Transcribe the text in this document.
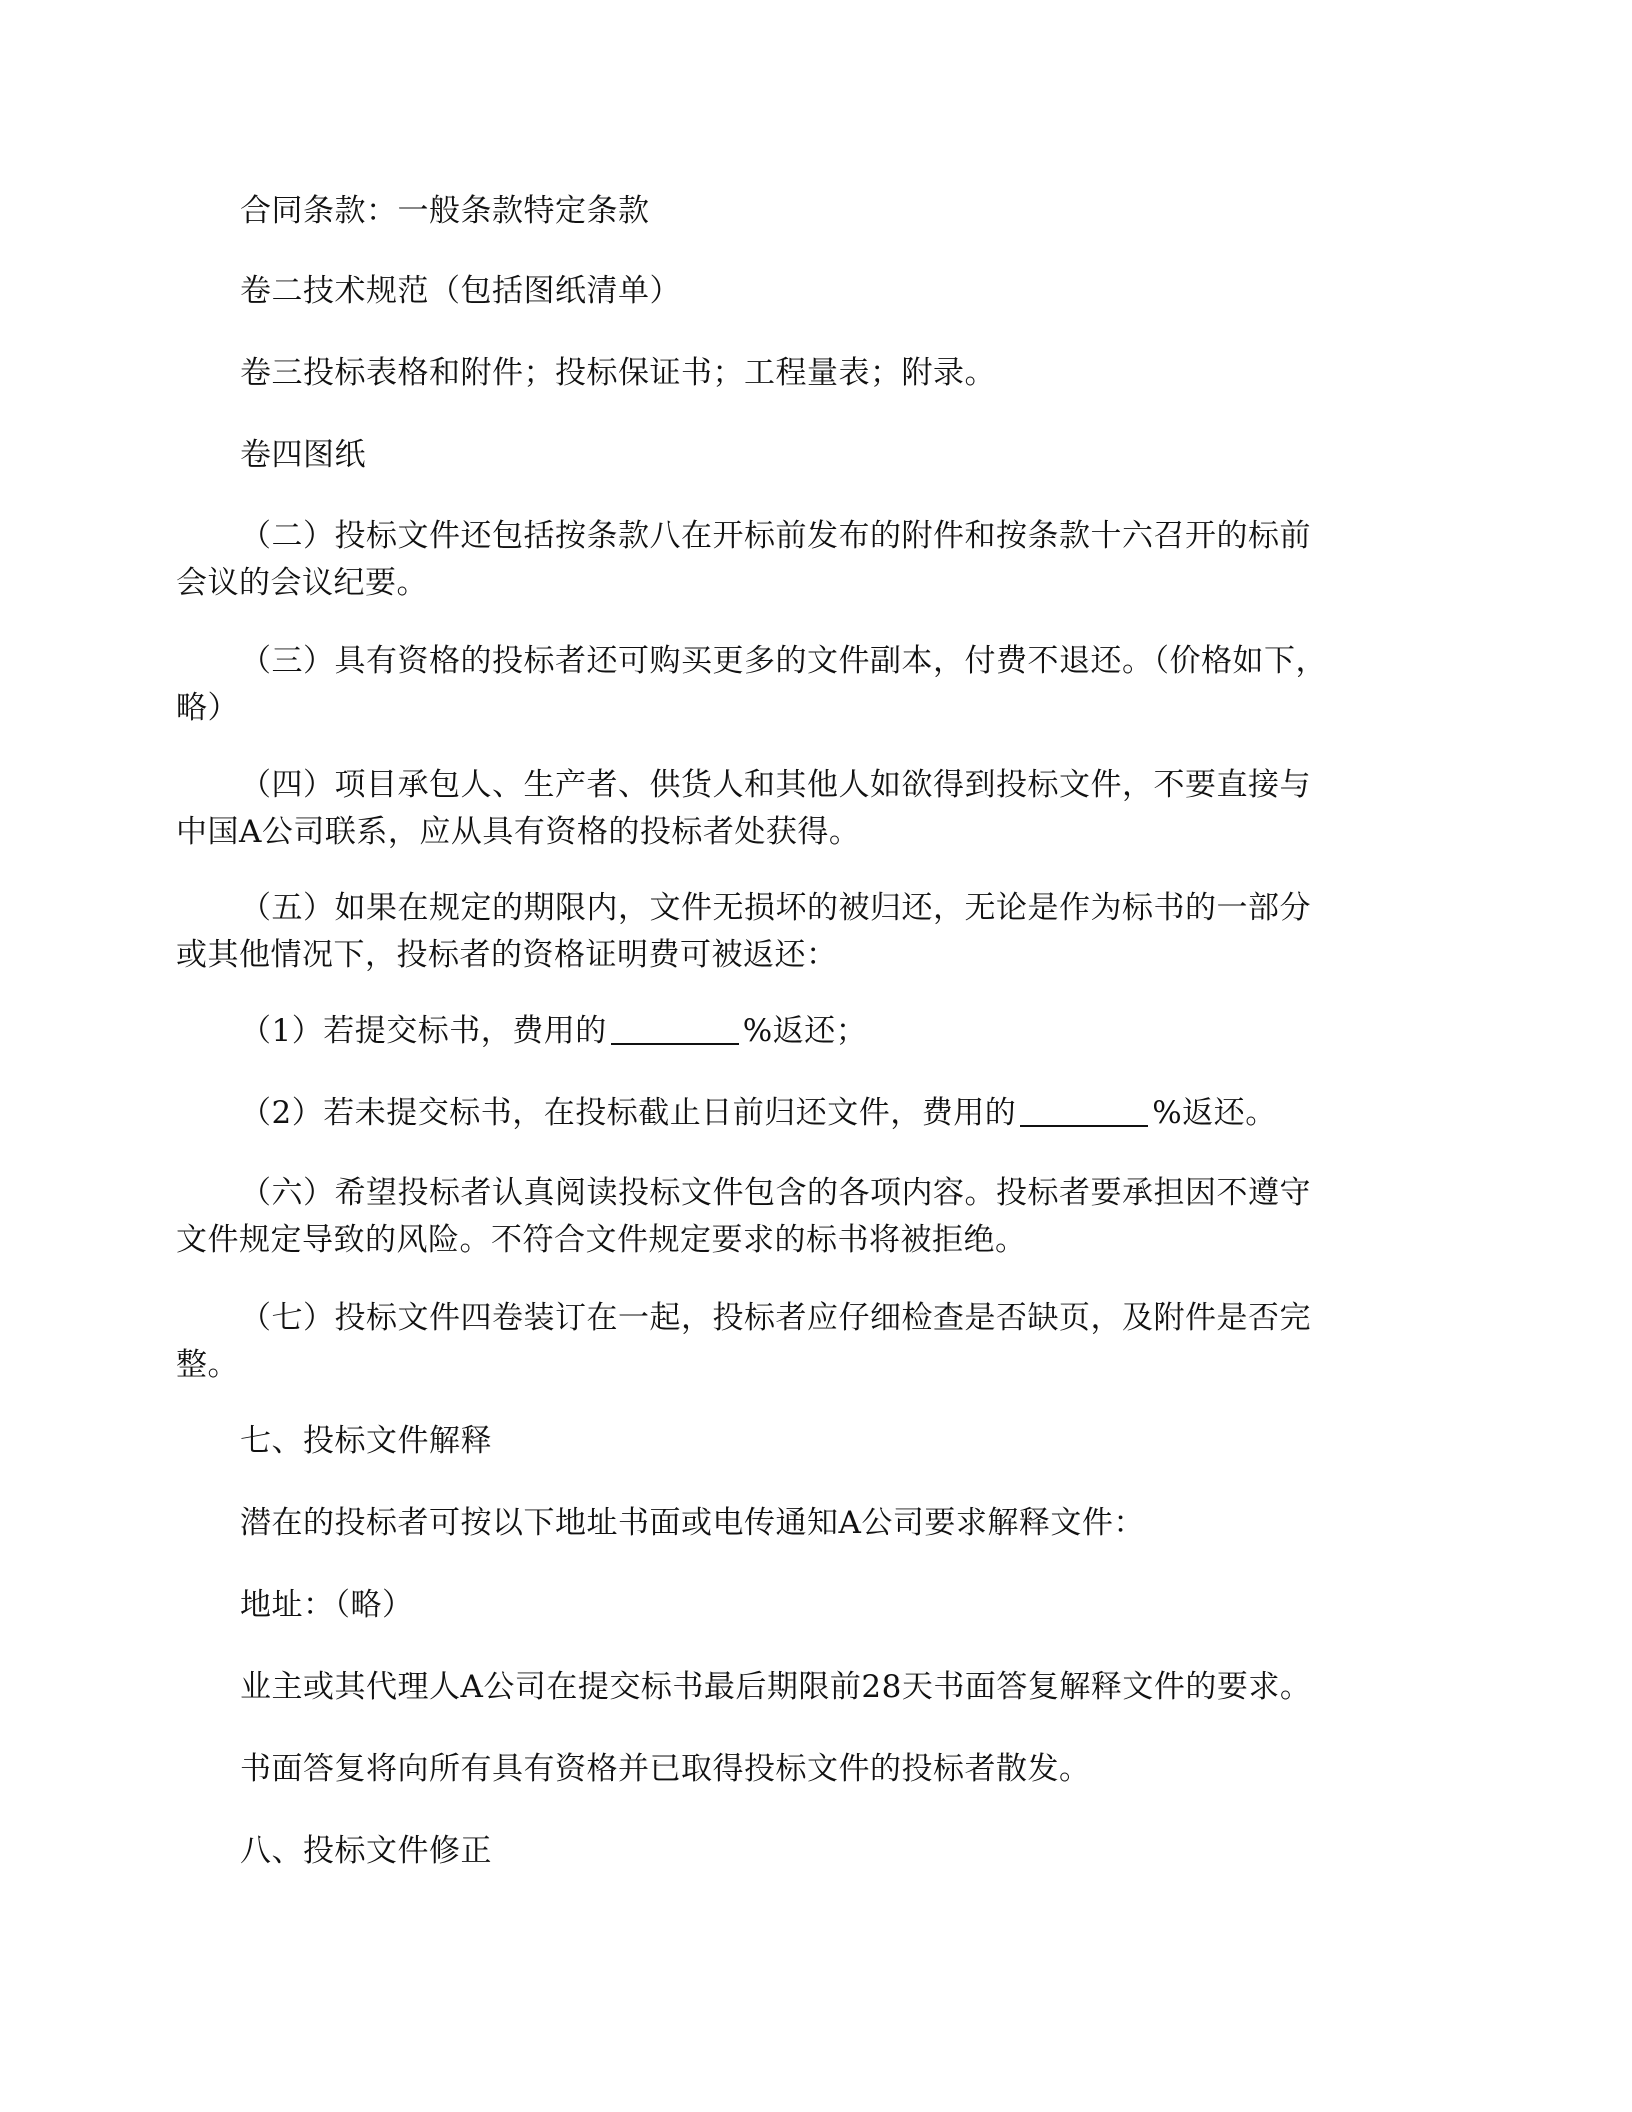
合同条款：一般条款特定条款
卷二技术规范（包括图纸清单）
卷三投标表格和附件；投标保证书；工程量表；附录。
卷四图纸
（二）投标文件还包括按条款八在开标前发布的附件和按条款十六召开的标前
会议的会议纪要。
（三）具有资格的投标者还可购买更多的文件副本，付费不退还。（价格如下，
略）
（四）项目承包人、生产者、供货人和其他人如欲得到投标文件，不要直接与
中国A公司联系，应从具有资格的投标者处获得。
（五）如果在规定的期限内，文件无损坏的被归还，无论是作为标书的一部分
或其他情况下，投标者的资格证明费可被返还：
（1）若提交标书，费用的	%返还；
（2）若未提交标书，在投标截止日前归还文件，费用的	%返还。
（六）希望投标者认真阅读投标文件包含的各项内容。投标者要承担因不遵守
文件规定导致的风险。不符合文件规定要求的标书将被拒绝。
（七）投标文件四卷装订在一起，投标者应仔细检查是否缺页，及附件是否完
整。
七、投标文件解释
潜在的投标者可按以下地址书面或电传通知A公司要求解释文件：
地址：（略）
业主或其代理人A公司在提交标书最后期限前28天书面答复解释文件的要求。
书面答复将向所有具有资格并已取得投标文件的投标者散发。
八、投标文件修正
